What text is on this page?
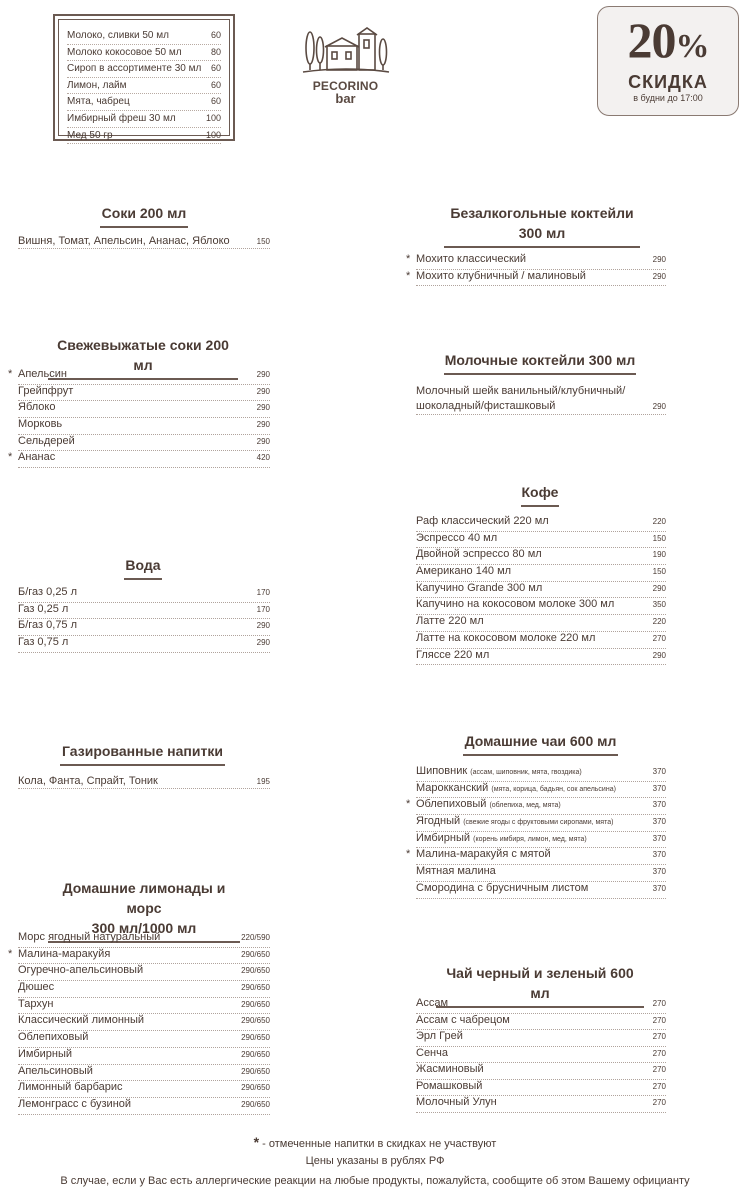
Молоко, сливки 50 мл	60
Молоко кокосовое 50 мл	80
Сироп в ассортименте 30 мл 60
Лимон, лайм	60
Мята, чабрец	60
Имбирный фреш 30 мл	100
Мед 50 гр	100
PECORINO
bar
20%
СКИДКА
в будни до 17:00
Соки 200 мл
Вишня, Томат, Апельсин, Ананас, Яблоко	150
Свежевыжатые соки 200 мл
* Апельсин	290
Грейпфрут	290
Яблоко	290
Морковь	290
Сельдерей	290
* Ананас	420
Вода
Б/газ 0,25 л	170
Газ 0,25 л	170
Б/газ 0,75 л	290
Газ 0,75 л	290
Газированные напитки
Кола, Фанта, Спрайт, Тоник	195
Домашние лимонады и морс
300 мл/1000 мл
Морс ягодный натуральный	220/590
* Малина-маракуйя	290/650
Огуречно-апельсиновый	290/650
Дюшес	290/650
Тархун	290/650
Классический лимонный	290/650
Облепиховый	290/650
Имбирный	290/650
Апельсиновый	290/650
Лимонный барбарис	290/650
Лемонграсс с бузиной	290/650
Безалкогольные коктейли
300 мл
* Мохито классический	290
* Мохито клубничный / малиновый	290
Молочные коктейли 300 мл
Молочный шейк ванильный/клубничный/
шоколадный/фисташковый	290
Кофе
Раф классический 220 мл	220
Эспрессо 40 мл	150
Двойной эспрессо 80 мл	190
Американо 140 мл	150
Капучино Grande 300 мл	290
Капучино на кокосовом молоке 300 мл	350
Латте 220 мл	220
Латте на кокосовом молоке 220 мл	270
Гляссе 220 мл	290
Домашние чаи 600 мл
Шиповник (ассам, шиповник, мята, гвоздика)	370
Марокканский (мята, корица, бадьян, сок апельсина)	370
* Облепиховый (облепиха, мед, мята)	370
Ягодный (свежие ягоды с фруктовыми сиропами, мята)	370
Имбирный (корень имбиря, лимон, мед, мята)	370
* Малина-маракуйя с мятой	370
Мятная малина	370
Смородина с брусничным листом	370
Чай черный и зеленый 600 мл
Ассам	270
Ассам с чабрецом	270
Эрл Грей	270
Сенча	270
Жасминовый	270
Ромашковый	270
Молочный Улун	270
* - отмеченные напитки в скидках не участвуют
Цены указаны в рублях РФ
В случае, если у Вас есть аллергические реакции на любые продукты, пожалуйста, сообщите об этом Вашему официанту
